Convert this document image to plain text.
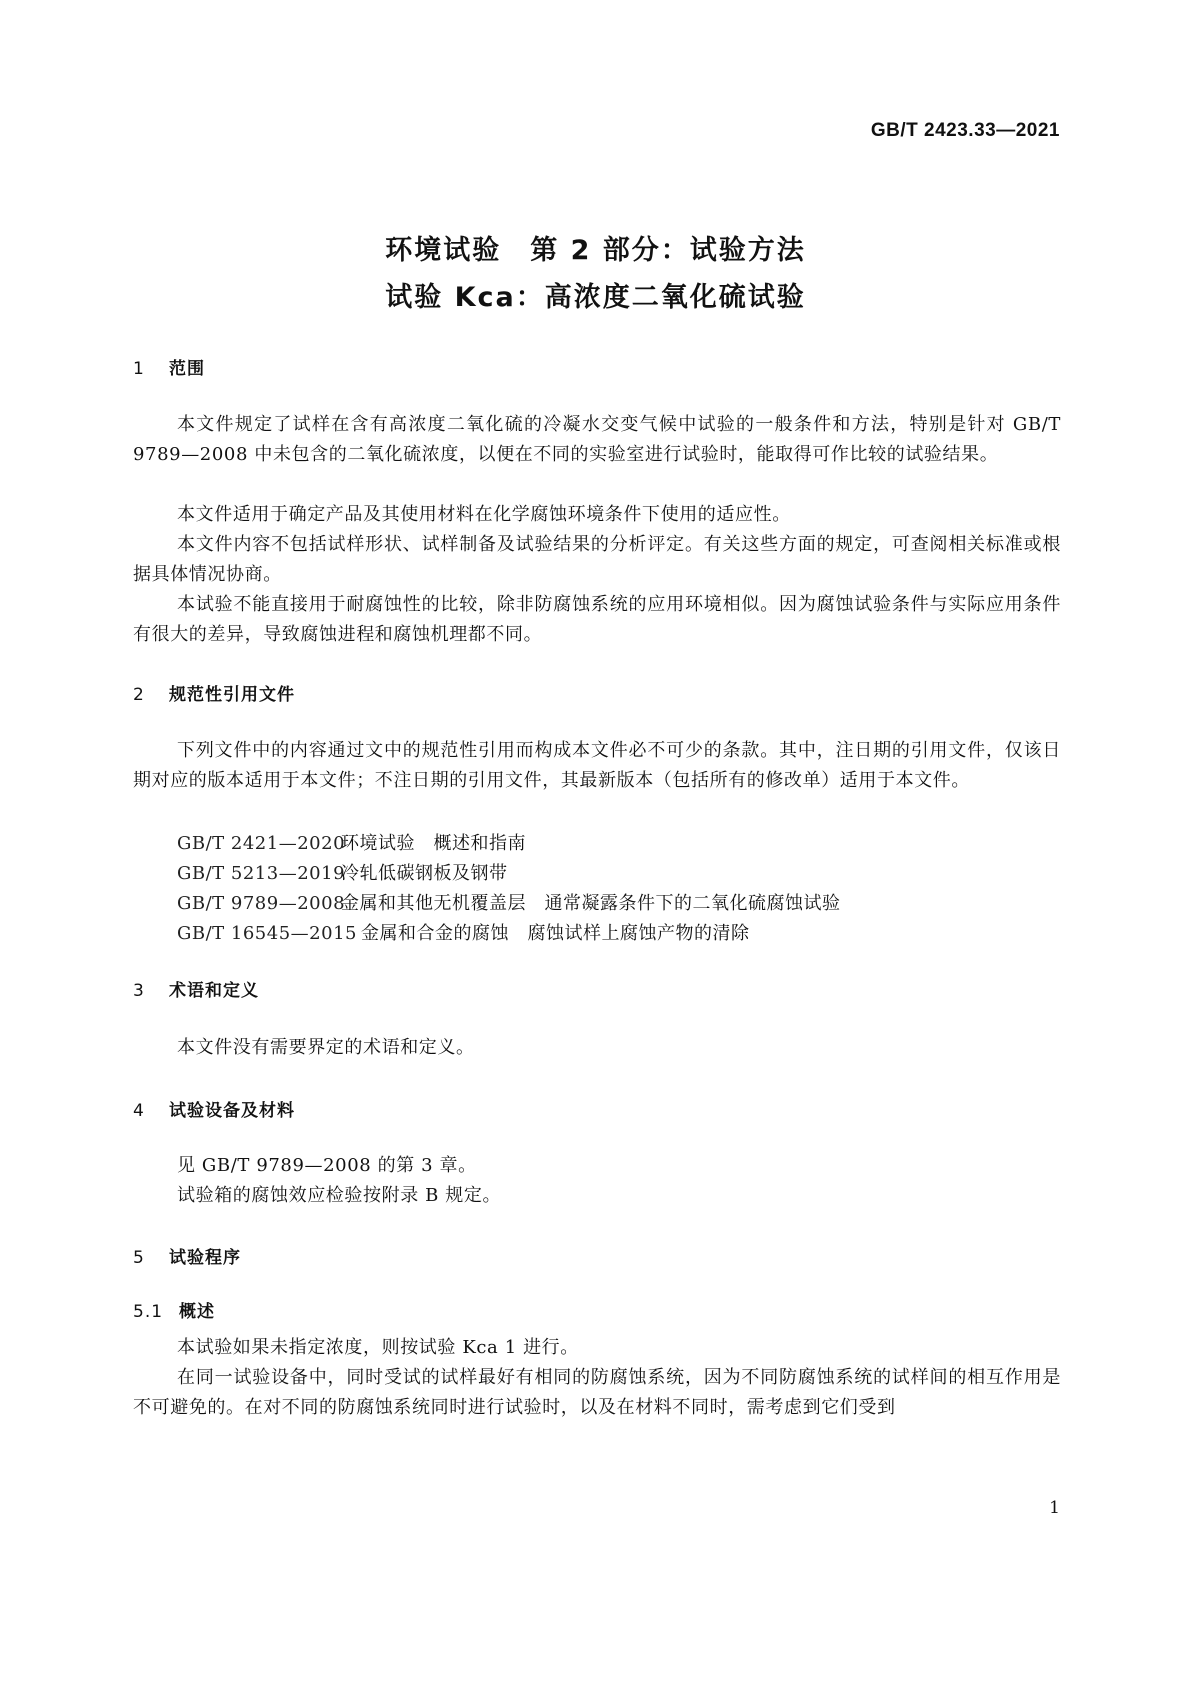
GB/T 2423.33—2021
环境试验　第 2 部分：试验方法
试验 Kca：高浓度二氧化硫试验
1 范围
本文件规定了试样在含有高浓度二氧化硫的冷凝水交变气候中试验的一般条件和方法，特别是针对 GB/T 9789—2008 中未包含的二氧化硫浓度，以便在不同的实验室进行试验时，能取得可作比较的试验结果。
本文件适用于确定产品及其使用材料在化学腐蚀环境条件下使用的适应性。
本文件内容不包括试样形状、试样制备及试验结果的分析评定。有关这些方面的规定，可查阅相关标准或根据具体情况协商。
本试验不能直接用于耐腐蚀性的比较，除非防腐蚀系统的应用环境相似。因为腐蚀试验条件与实际应用条件有很大的差异，导致腐蚀进程和腐蚀机理都不同。
2 规范性引用文件
下列文件中的内容通过文中的规范性引用而构成本文件必不可少的条款。其中，注日期的引用文件，仅该日期对应的版本适用于本文件；不注日期的引用文件，其最新版本（包括所有的修改单）适用于本文件。
GB/T 2421—2020环境试验　概述和指南
GB/T 5213—2019冷轧低碳钢板及钢带
GB/T 9789—2008金属和其他无机覆盖层　通常凝露条件下的二氧化硫腐蚀试验
GB/T 16545—2015 金属和合金的腐蚀　腐蚀试样上腐蚀产物的清除
3 术语和定义
本文件没有需要界定的术语和定义。
4 试验设备及材料
见 GB/T 9789—2008 的第 3 章。
试验箱的腐蚀效应检验按附录 B 规定。
5 试验程序
5.1 概述
本试验如果未指定浓度，则按试验 Kca 1 进行。
在同一试验设备中，同时受试的试样最好有相同的防腐蚀系统，因为不同防腐蚀系统的试样间的相互作用是不可避免的。在对不同的防腐蚀系统同时进行试验时，以及在材料不同时，需考虑到它们受到
1
